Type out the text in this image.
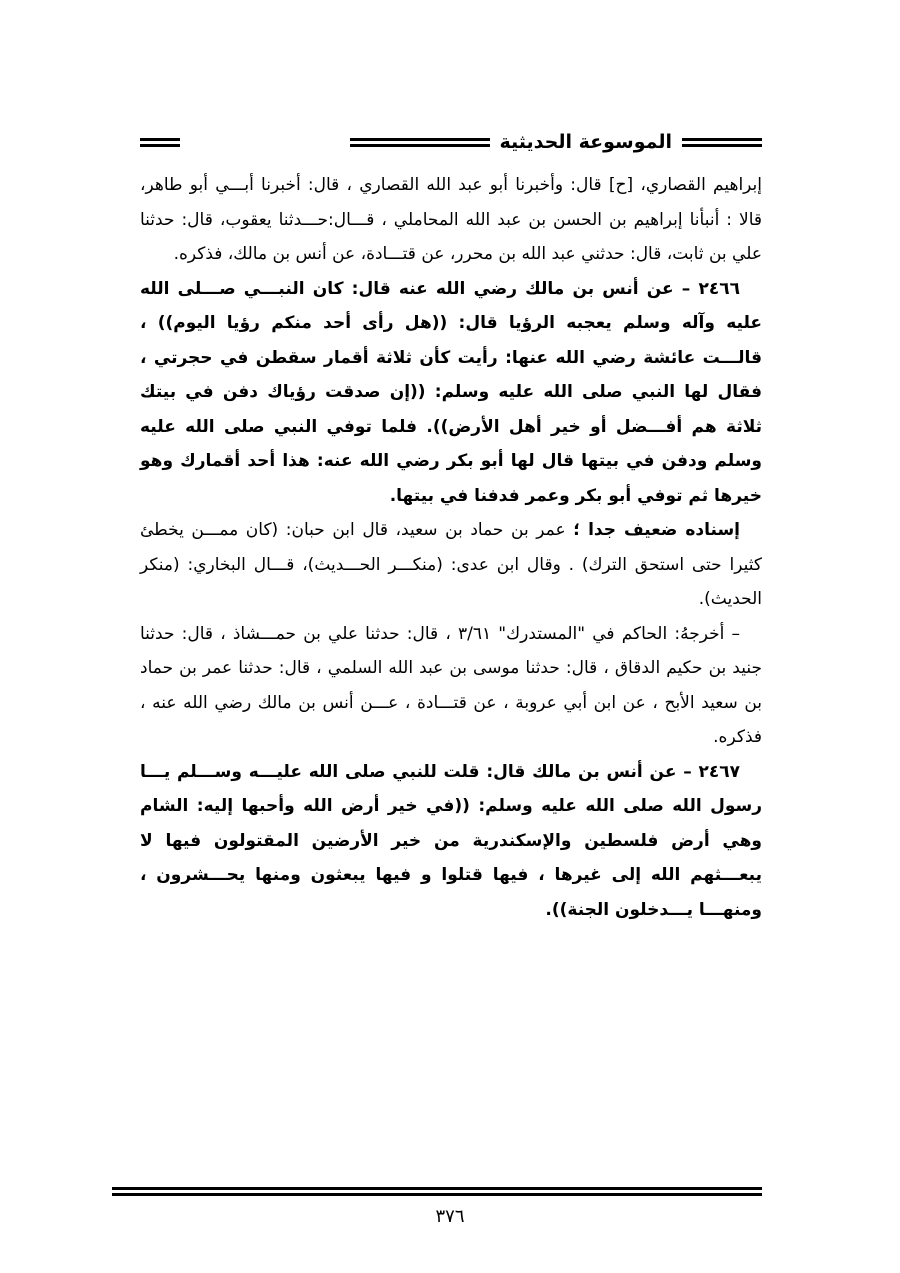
الموسوعة الحديثية

إبراهيم القصاري، [ح] قال: وأخبرنا أبو عبد الله القصاري ، قال: أخبرنا أبـــي أبو طاهر، قالا : أنبأنا إبراهيم بن الحسن بن عبد الله المحاملي ، قـــال:حـــدثنا يعقوب، قال: حدثنا علي بن ثابت، قال: حدثني عبد الله بن محرر، عن قتـــادة، عن أنس بن مالك، فذكره.

٢٤٦٦ – عن أنس بن مالك رضي الله عنه قال: كان النبـــي صـــلى الله عليه وآله وسلم يعجبه الرؤيا قال: ((هل رأى أحد منكم رؤيا اليوم)) ، قالـــت عائشة رضي الله عنها: رأيت كأن ثلاثة أقمار سقطن في حجرتي ، فقال لها النبي صلى الله عليه وسلم: ((إن صدقت رؤياك دفن في بيتك ثلاثة هم أفـــضل أو خير أهل الأرض)). فلما توفي النبي صلى الله عليه وسلم ودفن في بيتها قال لها أبو بكر رضي الله عنه: هذا أحد أقمارك وهو خيرها ثم توفي أبو بكر وعمر فدفنا في بيتها.

إسناده ضعيف جدا ؛ عمر بن حماد بن سعيد، قال ابن حبان: (كان ممـــن يخطئ كثيرا حتى استحق الترك) . وقال ابن عدى: (منكـــر الحـــديث)، قـــال البخاري: (منكر الحديث).

– أخرجهُ: الحاكم في "المستدرك" ٣/٦١ ، قال: حدثنا علي بن حمـــشاذ ، قال: حدثنا جنيد بن حكيم الدقاق ، قال: حدثنا موسى بن عبد الله السلمي ، قال: حدثنا عمر بن حماد بن سعيد الأبح ، عن ابن أبي عروبة ، عن قتـــادة ، عـــن أنس بن مالك رضي الله عنه ، فذكره.

٢٤٦٧ – عن أنس بن مالك قال: قلت للنبي صلى الله عليـــه وســـلم يـــا رسول الله صلى الله عليه وسلم: ((في خير أرض الله وأحبها إليه: الشام وهي أرض فلسطين والإسكندرية من خير الأرضين المقتولون فيها لا يبعـــثهم الله إلى غيرها ، فيها قتلوا و فيها يبعثون ومنها يحـــشرون ، ومنهـــا يـــدخلون الجنة)).

٣٧٦
